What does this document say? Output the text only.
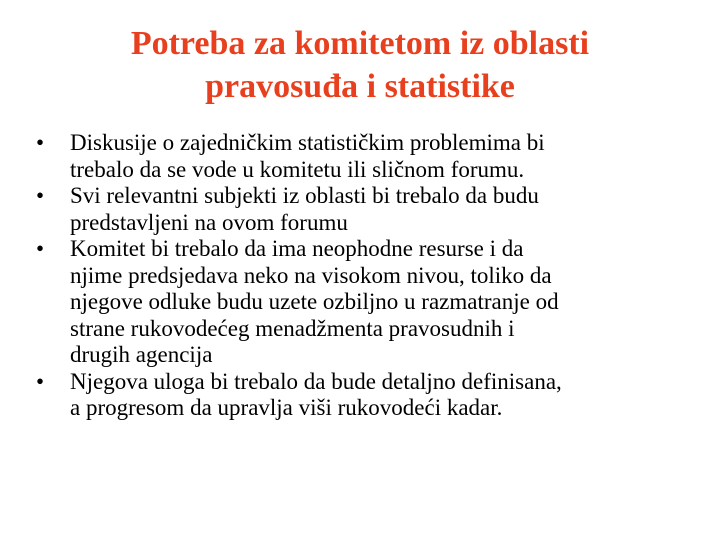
Potreba za komitetom iz oblasti
pravosuđa i statistike
•	Diskusije o zajedničkim statističkim problemima bi
trebalo da se vode u komitetu ili sličnom forumu.
•	Svi relevantni subjekti iz oblasti bi trebalo da budu
predstavljeni na ovom forumu
•	Komitet bi trebalo da ima neophodne resurse i da
njime predsjedava neko na visokom nivou, toliko da
njegove odluke budu uzete ozbiljno u razmatranje od
strane rukovodećeg menadžmenta pravosudnih i
drugih agencija
•	Njegova uloga bi trebalo da bude detaljno definisana,
a progresom da upravlja viši rukovodeći kadar.
